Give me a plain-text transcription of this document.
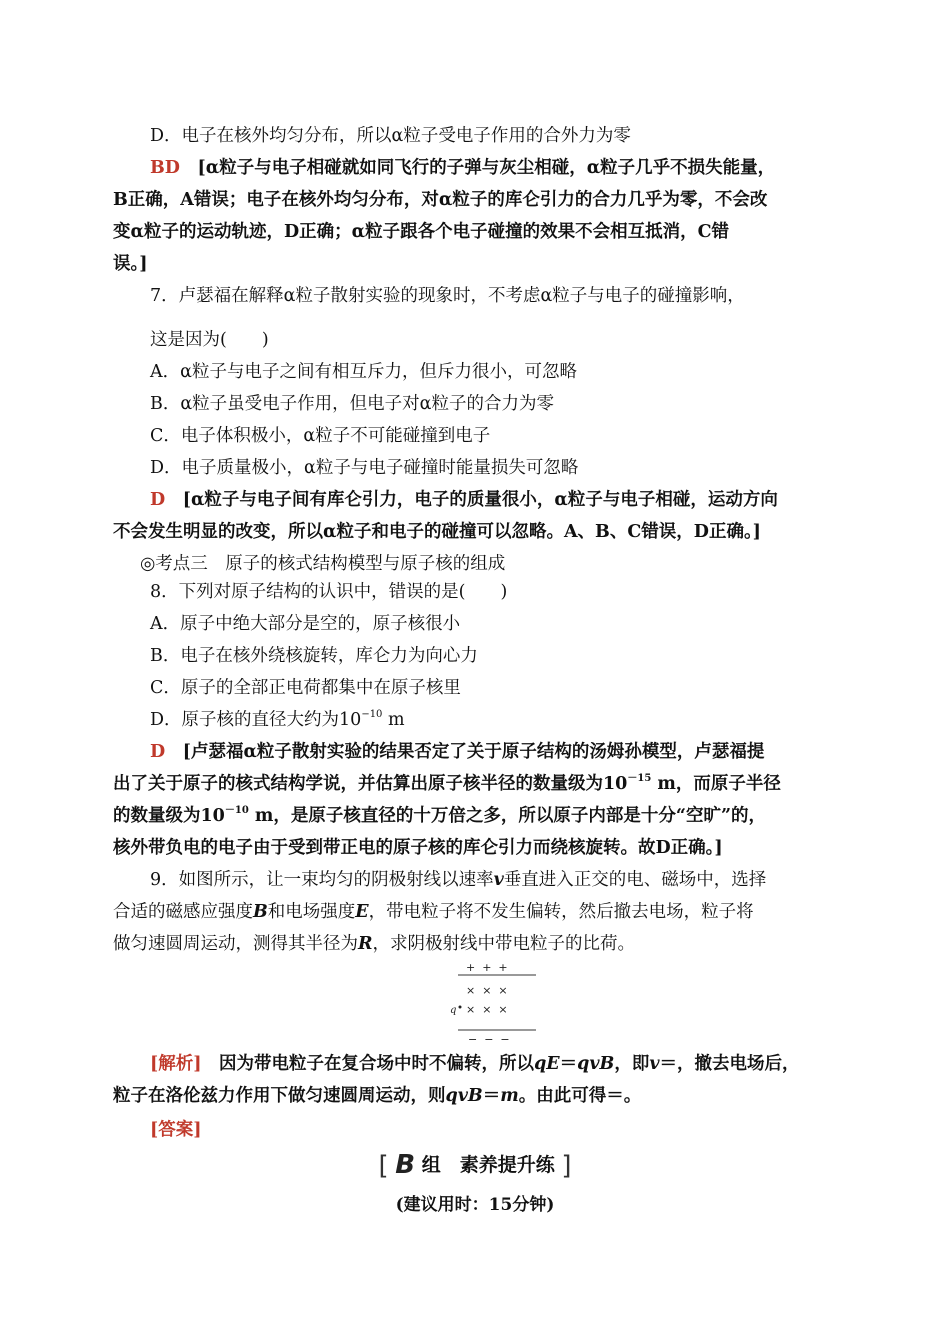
D．电子在核外均匀分布，所以α粒子受电子作用的合外力为零
BD　 [α粒子与电子相碰就如同飞行的子弹与灰尘相碰，α粒子几乎不损失能量，
B正确，A错误；电子在核外均匀分布，对α粒子的库仑引力的合力几乎为零，不会改
变α粒子的运动轨迹，D正确；α粒子跟各个电子碰撞的效果不会相互抵消，C错
误。]
7．卢瑟福在解释α粒子散射实验的现象时，不考虑α粒子与电子的碰撞影响，
这是因为(　　)
A．α粒子与电子之间有相互斥力，但斥力很小，可忽略
B．α粒子虽受电子作用，但电子对α粒子的合力为零
C．电子体积极小，α粒子不可能碰撞到电子
D．电子质量极小，α粒子与电子碰撞时能量损失可忽略
D　 [α粒子与电子间有库仑引力，电子的质量很小，α粒子与电子相碰，运动方向
不会发生明显的改变，所以α粒子和电子的碰撞可以忽略。A、B、C错误，D正确。]
◎考点三　原子的核式结构模型与原子核的组成
8．下列对原子结构的认识中，错误的是(　　)
A．原子中绝大部分是空的，原子核很小
B．电子在核外绕核旋转，库仑力为向心力
C．原子的全部正电荷都集中在原子核里
D．原子核的直径大约为$10^{-10}$ m
D　 [卢瑟福α粒子散射实验的结果否定了关于原子结构的汤姆孙模型，卢瑟福提
出了关于原子的核式结构学说，并估算出原子核半径的数量级为$10^{-15}$ m，而原子半径
的数量级为$10^{-10}$ m，是原子核直径的十万倍之多，所以原子内部是十分“空旷”的，
核外带负电的电子由于受到带正电的原子核的库仑引力而绕核旋转。故D正确。]
9．如图所示，让一束均匀的阴极射线以速率v垂直进入正交的电、磁场中，选择
合适的磁感应强度B和电场强度E，带电粒子将不发生偏转，然后撤去电场，粒子将
做匀速圆周运动，测得其半径为R，求阴极射线中带电粒子的比荷。
+  +  +
×  ×  ×
q ×  ×  ×
−  −  −
[解析]　因为带电粒子在复合场中时不偏转，所以qE＝qvB，即v＝，撤去电场后，
粒子在洛伦兹力作用下做匀速圆周运动，则qvB＝m。由此可得＝。
[答案]
[ B 组　素养提升练 ]
(建议用时：15分钟)
